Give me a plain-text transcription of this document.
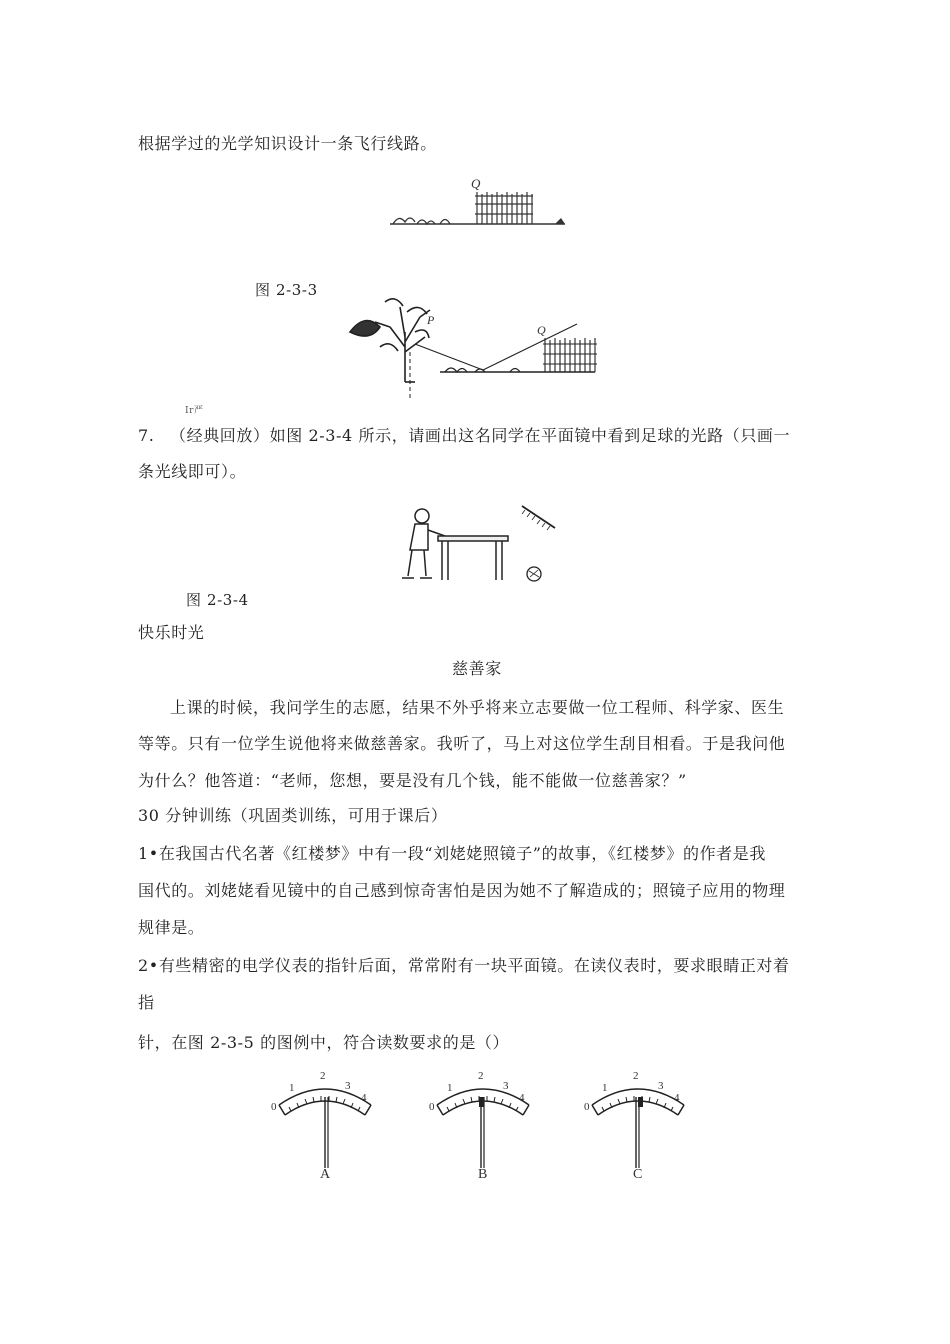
根据学过的光学知识设计一条飞行线路。
Q
图 2-3-3
P
Q
Ir严
7. （经典回放）如图 2-3-4 所示，请画出这名同学在平面镜中看到足球的光路（只画一
条光线即可）。
图 2-3-4
快乐时光
慈善家
上课的时候，我问学生的志愿，结果不外乎将来立志要做一位工程师、科学家、医生
等等。只有一位学生说他将来做慈善家。我听了，马上对这位学生刮目相看。于是我问他
为什么？他答道：“老师，您想，要是没有几个钱，能不能做一位慈善家？”
30 分钟训练（巩固类训练，可用于课后）
1•在我国古代名著《红楼梦》中有一段“刘姥姥照镜子”的故事，《红楼梦》的作者是我
国代的。刘姥姥看见镜中的自己感到惊奇害怕是因为她不了解造成的；照镜子应用的物理
规律是。
2•有些精密的电学仪表的指针后面，常常附有一块平面镜。在读仪表时，要求眼睛正对着
指
针，在图 2-3-5 的图例中，符合读数要求的是（）
0
1
2
3
4
A
0
1
2
3
4
B
0
1
2
3
4
C
